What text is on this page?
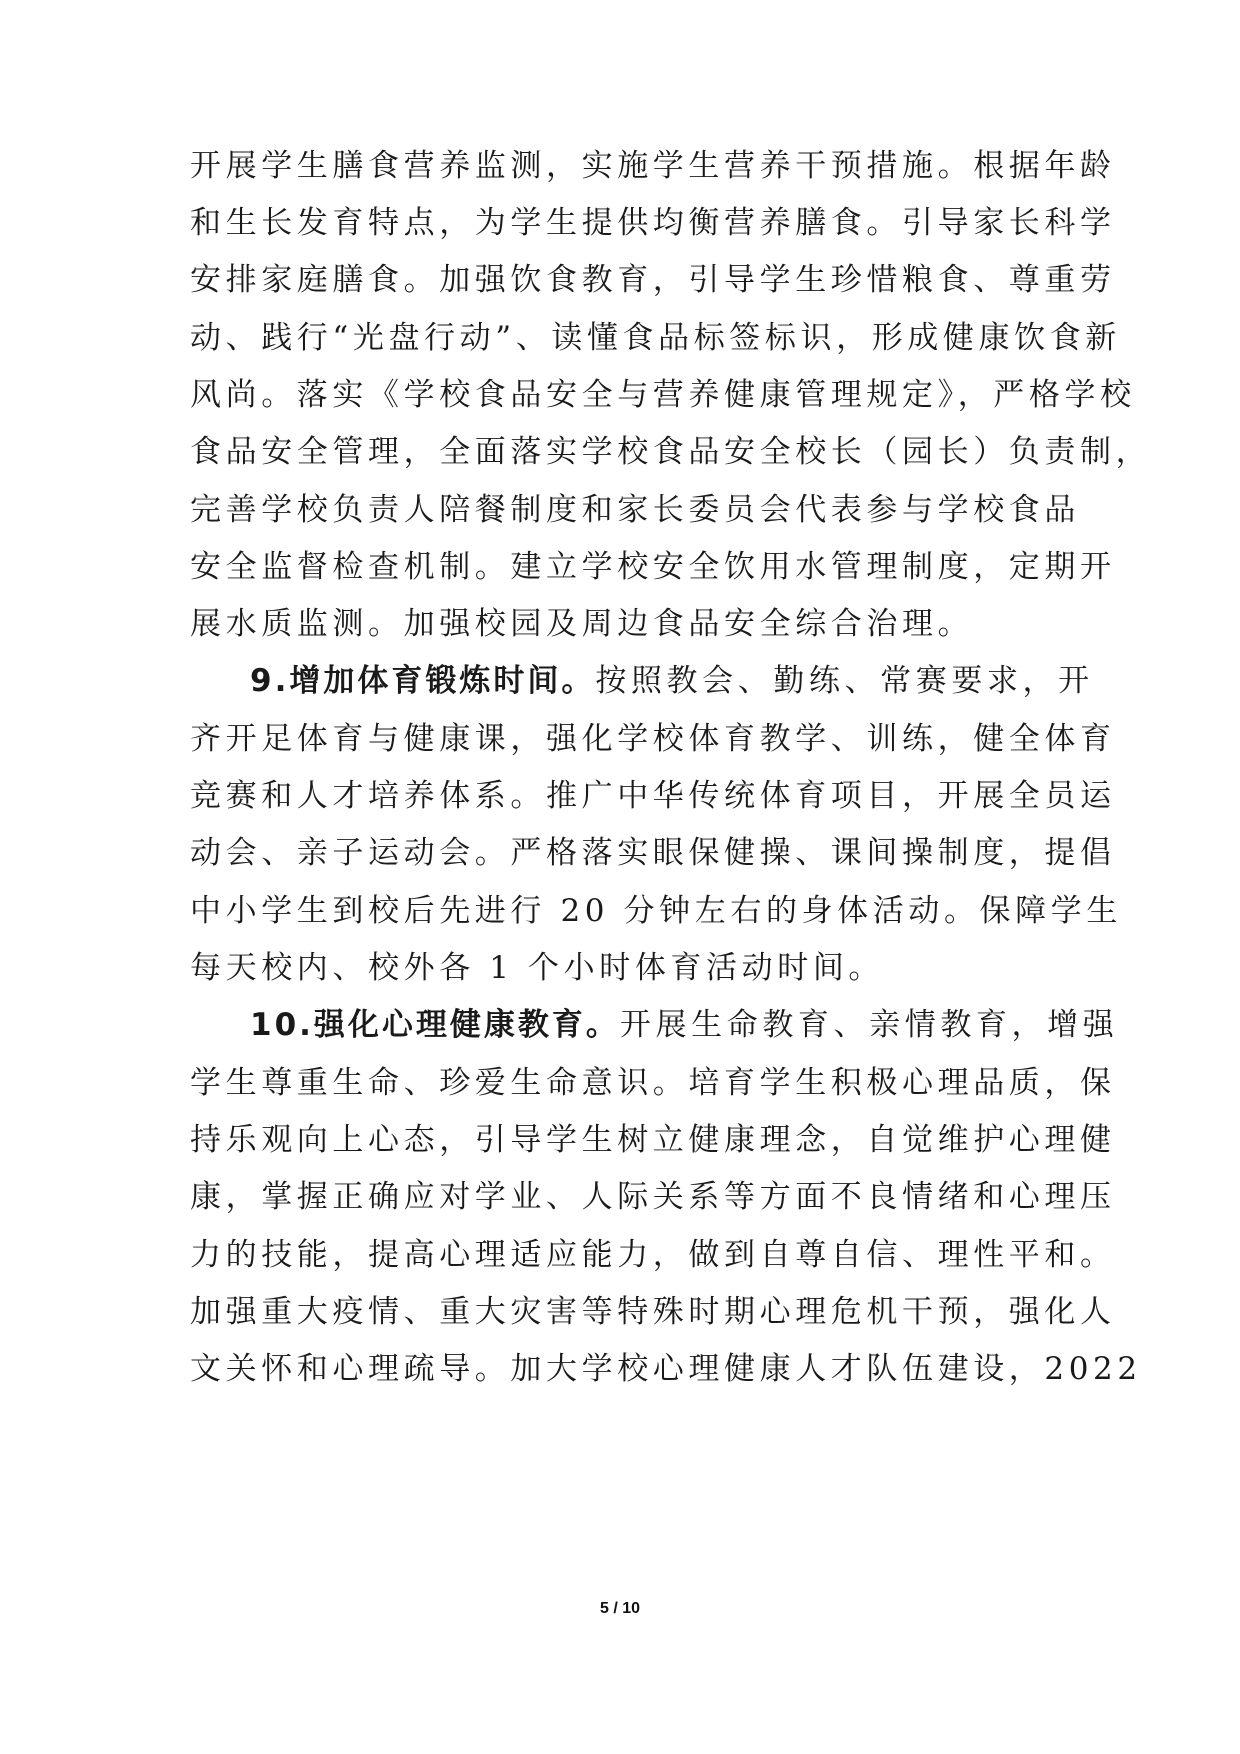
开展学生膳食营养监测，实施学生营养干预措施。根据年龄
和生长发育特点，为学生提供均衡营养膳食。引导家长科学
安排家庭膳食。加强饮食教育，引导学生珍惜粮食、尊重劳
动、践行“光盘行动”、读懂食品标签标识，形成健康饮食新
风尚。落实《学校食品安全与营养健康管理规定》，严格学校
食品安全管理，全面落实学校食品安全校长（园长）负责制，
完善学校负责人陪餐制度和家长委员会代表参与学校食品
安全监督检查机制。建立学校安全饮用水管理制度，定期开
展水质监测。加强校园及周边食品安全综合治理。
9.增加体育锻炼时间。按照教会、勤练、常赛要求，开
齐开足体育与健康课，强化学校体育教学、训练，健全体育
竞赛和人才培养体系。推广中华传统体育项目，开展全员运
动会、亲子运动会。严格落实眼保健操、课间操制度，提倡
中小学生到校后先进行 20 分钟左右的身体活动。保障学生
每天校内、校外各 1 个小时体育活动时间。
10.强化心理健康教育。开展生命教育、亲情教育，增强
学生尊重生命、珍爱生命意识。培育学生积极心理品质，保
持乐观向上心态，引导学生树立健康理念，自觉维护心理健
康，掌握正确应对学业、人际关系等方面不良情绪和心理压
力的技能，提高心理适应能力，做到自尊自信、理性平和。
加强重大疫情、重大灾害等特殊时期心理危机干预，强化人
文关怀和心理疏导。加大学校心理健康人才队伍建设，2022
5 / 10
